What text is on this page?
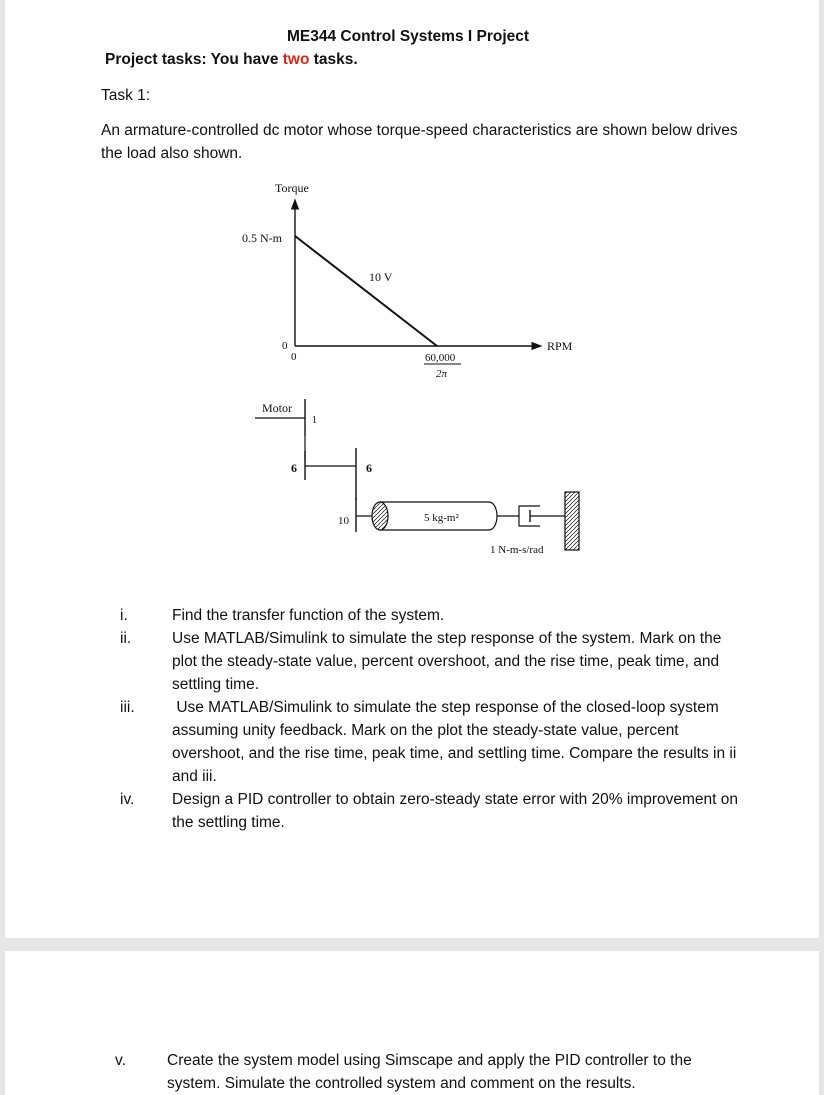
ME344 Control Systems I Project
Project tasks: You have two tasks.
Task 1:
An armature-controlled dc motor whose torque-speed characteristics are shown below drives the load also shown.
Torque
RPM
0.5 N-m
10 V
0
0	60,000
2π
Motor
1
6	6
10	5 kg-m²
1 N-m-s/rad
i.	Find the transfer function of the system.
ii.	Use MATLAB/Simulink to simulate the step response of the system. Mark on the plot the steady-state value, percent overshoot, and the rise time, peak time, and settling time.
iii. Use MATLAB/Simulink to simulate the step response of the closed-loop system assuming unity feedback. Mark on the plot the steady-state value, percent overshoot, and the rise time, peak time, and settling time. Compare the results in ii and iii.
iv. Design a PID controller to obtain zero-steady state error with 20% improvement on the settling time.
v.	Create the system model using Simscape and apply the PID controller to the system. Simulate the controlled system and comment on the results.
